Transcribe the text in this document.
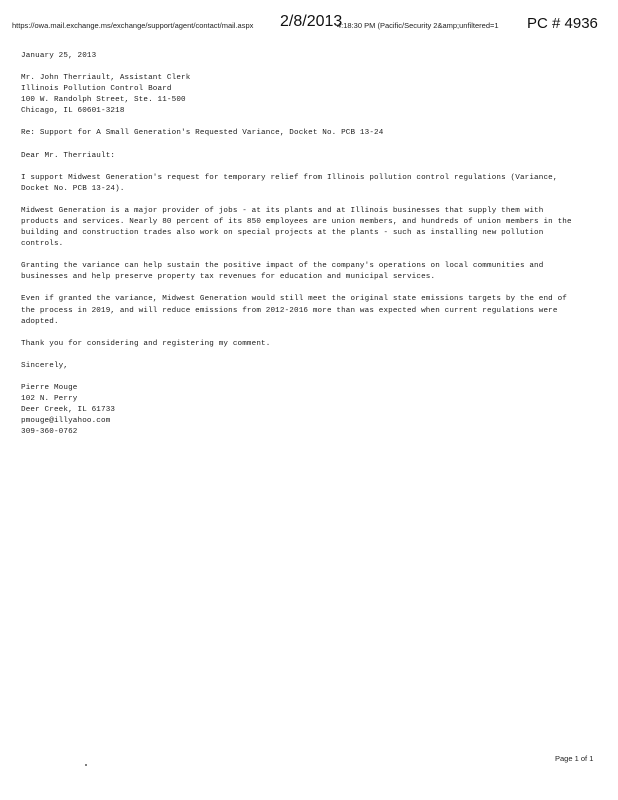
https://owa.mail.exchange.ms/exchange/support/agent/contact/mail.aspx	2/8/2013
4:18:30 PM (Pacific/Security 2&amp;unfiltered=1	PC # 4936
January 25, 2013
Mr. John Therriault, Assistant Clerk
Illinois Pollution Control Board
100 W. Randolph Street, Ste. 11-500
Chicago, IL 60601-3218
Re: Support for A Small Generation's Requested Variance, Docket No. PCB 13-24
Dear Mr. Therriault:
I support Midwest Generation's request for temporary relief from Illinois pollution control regulations (Variance, Docket No. PCB 13-24).
Midwest Generation is a major provider of jobs - at its plants and at Illinois businesses that supply them with products and services. Nearly 80 percent of its 850 employees are union members, and hundreds of union members in the building and construction trades also work on special projects at the plants - such as installing new pollution controls.
Granting the variance can help sustain the positive impact of the company's operations on local communities and businesses and help preserve property tax revenues for education and municipal services.
Even if granted the variance, Midwest Generation would still meet the original state emissions targets by the end of the process in 2019, and will reduce emissions from 2012-2016 more than was expected when current regulations were adopted.
Thank you for considering and registering my comment.
Sincerely,
Pierre Mouge
102 N. Perry
Deer Creek, IL 61733
pmouge@illyahoo.com
309-360-0762
Page 1 of 1
